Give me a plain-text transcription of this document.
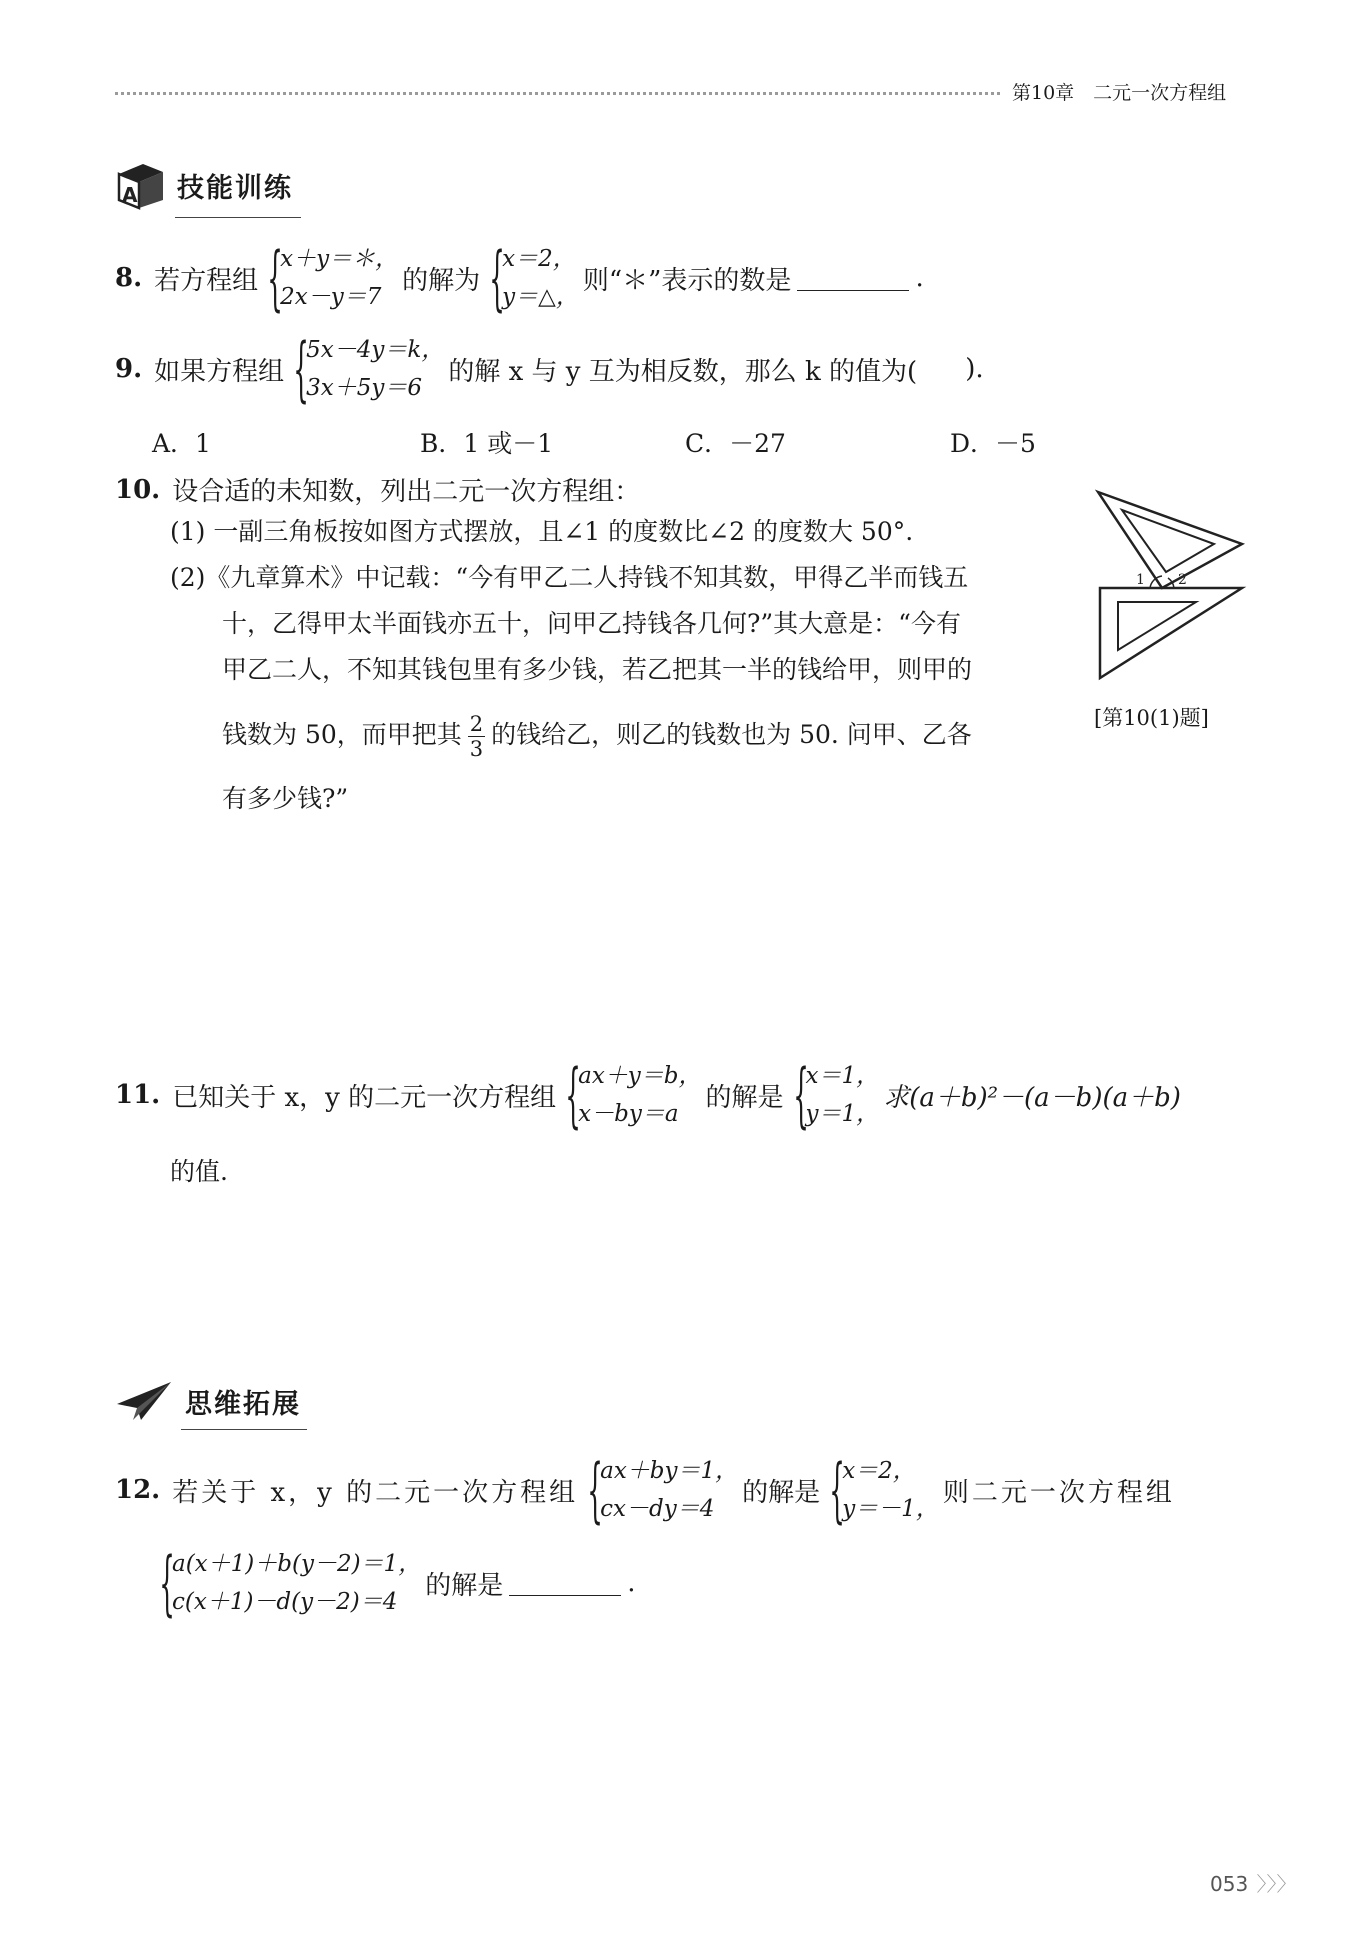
第10章　二元一次方程组
A 技能训练
8. 若方程组 {
x＋y＝＊，
2x－y＝7
的解为 {
x＝2，
y＝△，
则“＊”表示的数是	.
9. 如果方程组 {
5x－4y＝k，
3x＋5y＝6
的解 x 与 y 互为相反数，那么 k 的值为( ).
A．1	B．1 或－1	C．－27	D．－5
10. 设合适的未知数，列出二元一次方程组：
(1) 一副三角板按如图方式摆放，且∠1 的度数比∠2 的度数大 50°.
(2)《九章算术》中记载：“今有甲乙二人持钱不知其数，甲得乙半而钱五
十，乙得甲太半面钱亦五十，问甲乙持钱各几何?”其大意是：“今有
甲乙二人，不知其钱包里有多少钱，若乙把其一半的钱给甲，则甲的
钱数为 50，而甲把其 $\frac{2}{3}$ 的钱给乙，则乙的钱数也为 50. 问甲、乙各
有多少钱?”
1 2
[第10(1)题]
11. 已知关于 x，y 的二元一次方程组 {
ax＋y＝b，
x－by＝a
的解是 {
x＝1，
y＝1，
求(a＋b)²－(a－b)(a＋b)
的值.
思维拓展
12. 若关于 x，y 的二元一次方程组 {
ax＋by＝1，
cx－dy＝4
的解是 {
x＝2，
y＝－1，
则二元一次方程组
{
a(x＋1)＋b(y－2)＝1，
c(x＋1)－d(y－2)＝4
的解是	.
053 〉〉〉
